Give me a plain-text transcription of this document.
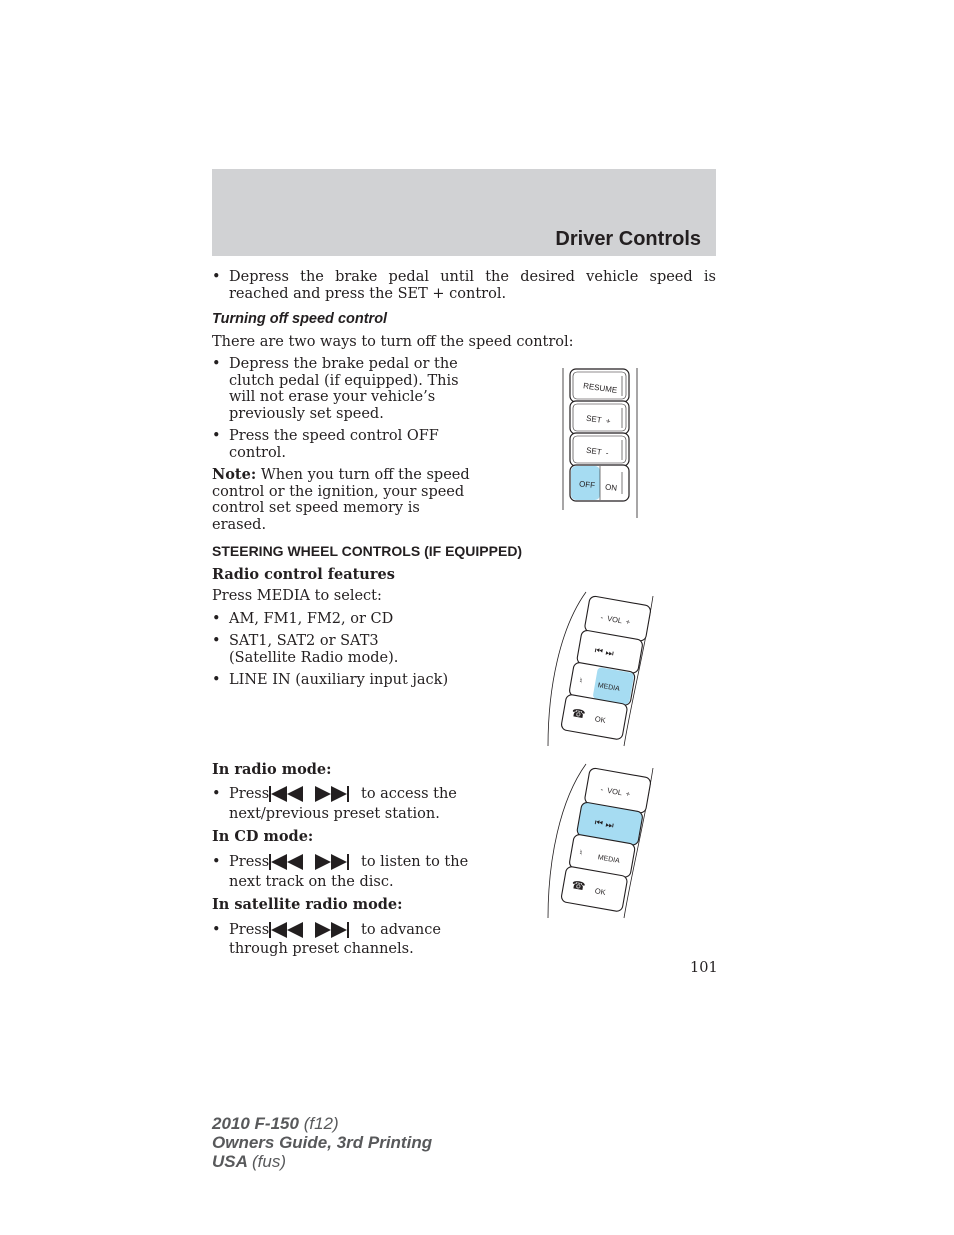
Driver Controls
• Depress the brake pedal until the desired vehicle speed is reached and press the SET + control.
Turning off speed control
There are two ways to turn off the speed control:
• Depress the brake pedal or the clutch pedal (if equipped). This will not erase your vehicle’s previously set speed.
• Press the speed control OFF control.
Note: When you turn off the speed control or the ignition, your speed control set speed memory is erased.
RESUME
SET  +
SET  -
OFF ON
STEERING WHEEL CONTROLS (IF EQUIPPED)
Radio control features
Press MEDIA to select:
• AM, FM1, FM2, or CD
• SAT1, SAT2 or SAT3 (Satellite Radio mode).
• LINE IN (auxiliary input jack)
-  VOL  +
⏮ ⏭
♮
MEDIA
☎ OK
In radio mode:
• Press	to access the
next/previous preset station.
In CD mode:
• Press	to listen to the
next track on the disc.
In satellite radio mode:
• Press	to advance
through preset channels.
-  VOL  +
⏮ ⏭
♮
MEDIA
☎ OK
101
2010 F-150 (f12)
Owners Guide, 3rd Printing
USA (fus)
